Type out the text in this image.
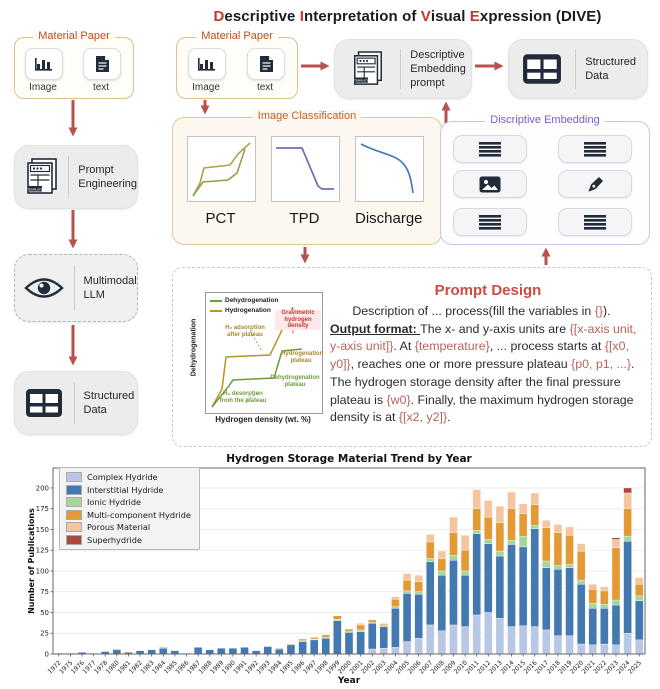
Descriptive Interpretation of Visual Expression (DIVE)
Material Paper
Image	text
TEMPLATE
Prompt Engineering
Multimodal LLM
Structured Data
Material Paper
Image	text
TEMPLATE
Descriptive Embedding prompt
Structured Data
Image Classification
PCT	TPD	Discharge
Discriptive Embedding
Prompt Design

Description of ... process(fill the variables in {}).

Output format: The x- and y-axis units are {[x-axis unit, y-axis unit]}. At {temperature}, ... process starts at {[x0, y0]}, reaches one or more pressure plateau {p0, p1, ...}. The hydrogen storage density after the final pressure plateau is {w0}. Finally, the maximum hydrogen storage density is at {[x2, y2]}.

Dehydrogenation
Dehydrogenation
Hydrogenation
H₂ adsorption after plateau
Gravimetric hydrogen density
Hydrogenation plateau
Dehydrogenation plateau
H₂ desorption from the plateau
Hydrogen density (wt. %)
0
25
50
75
100
125
150
175
200
1972
1975
1976
1977
1978
1980
1981
1982
1983
1984
1985
1986
1987
1988
1989
1990
1991
1992
1993
1994
1995
1996
1997
1998
1999
2000
2001
2002
2003
2004
2005
2006
2007
2008
2009
2010
2011
2012
2013
2014
2015
2016
2017
2018
2019
2020
2021
2022
2023
2024
2025
Hydrogen Storage Material Trend by Year
Year
Number of Publications
Complex Hydride
Interstitial Hydride
Ionic Hydride
Multi-component Hydride
Porous Material
Superhydride
